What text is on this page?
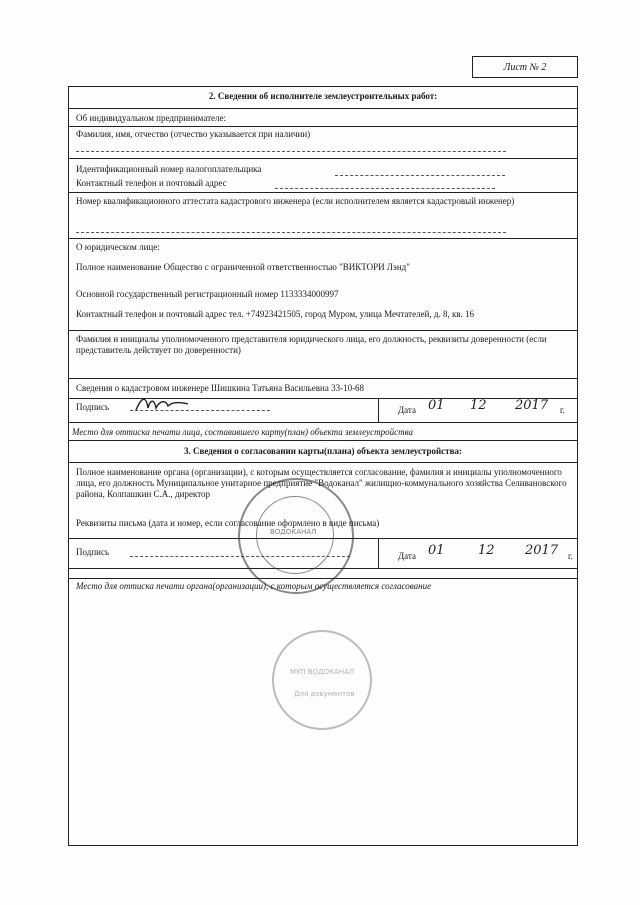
Лист № 2
2. Сведения об исполнителе землеустроительных работ:
Об индивидуальном предпринимателе:
Фамилия, имя, отчество (отчество указывается при наличии)
Идентификационный номер налогоплательщика
Контактный телефон и почтовый адрес
Номер квалификационного аттестата кадастрового инженера (если исполнителем является кадастровый инженер)
О юридическом лице:
Полное наименование Общество с ограниченной ответственностью "ВИКТОРИ Лэнд"
Основной государственный регистрационный номер 1133334000997
Контактный телефон и почтовый адрес тел. +74923421505, город Муром, улица Мечтателей, д. 8, кв. 16
Фамилия и инициалы уполномоченного представителя юридического лица, его должность, реквизиты доверенности (если представитель действует по доверенности)
Сведения о кадастровом инженере Шишкина Татьяна Васильевна 33-10-68
Подпись	Дата 01 12 2017 г.
Место для оттиска печати лица, составившего карту(план) объекта землеустройства
3. Сведения о согласовании карты(плана) объекта землеустройства:
Полное наименование органа (организации), с которым осуществляется согласование, фамилия и инициалы уполномоченного лица, его должность Муниципальное унитарное предприятие "Водоканал" жилищно-коммунального хозяйства Селивановского района, Колпашкин С.А., директор
Реквизиты письма (дата и номер, если согласование оформлено в виде письма)
Подпись	Дата 01	12 2017 г.
Место для оттиска печати органа(организации), с которым осуществляется согласование
ВОДОКАНАЛ
МУП ВОДОКАНАЛ
Для документов
